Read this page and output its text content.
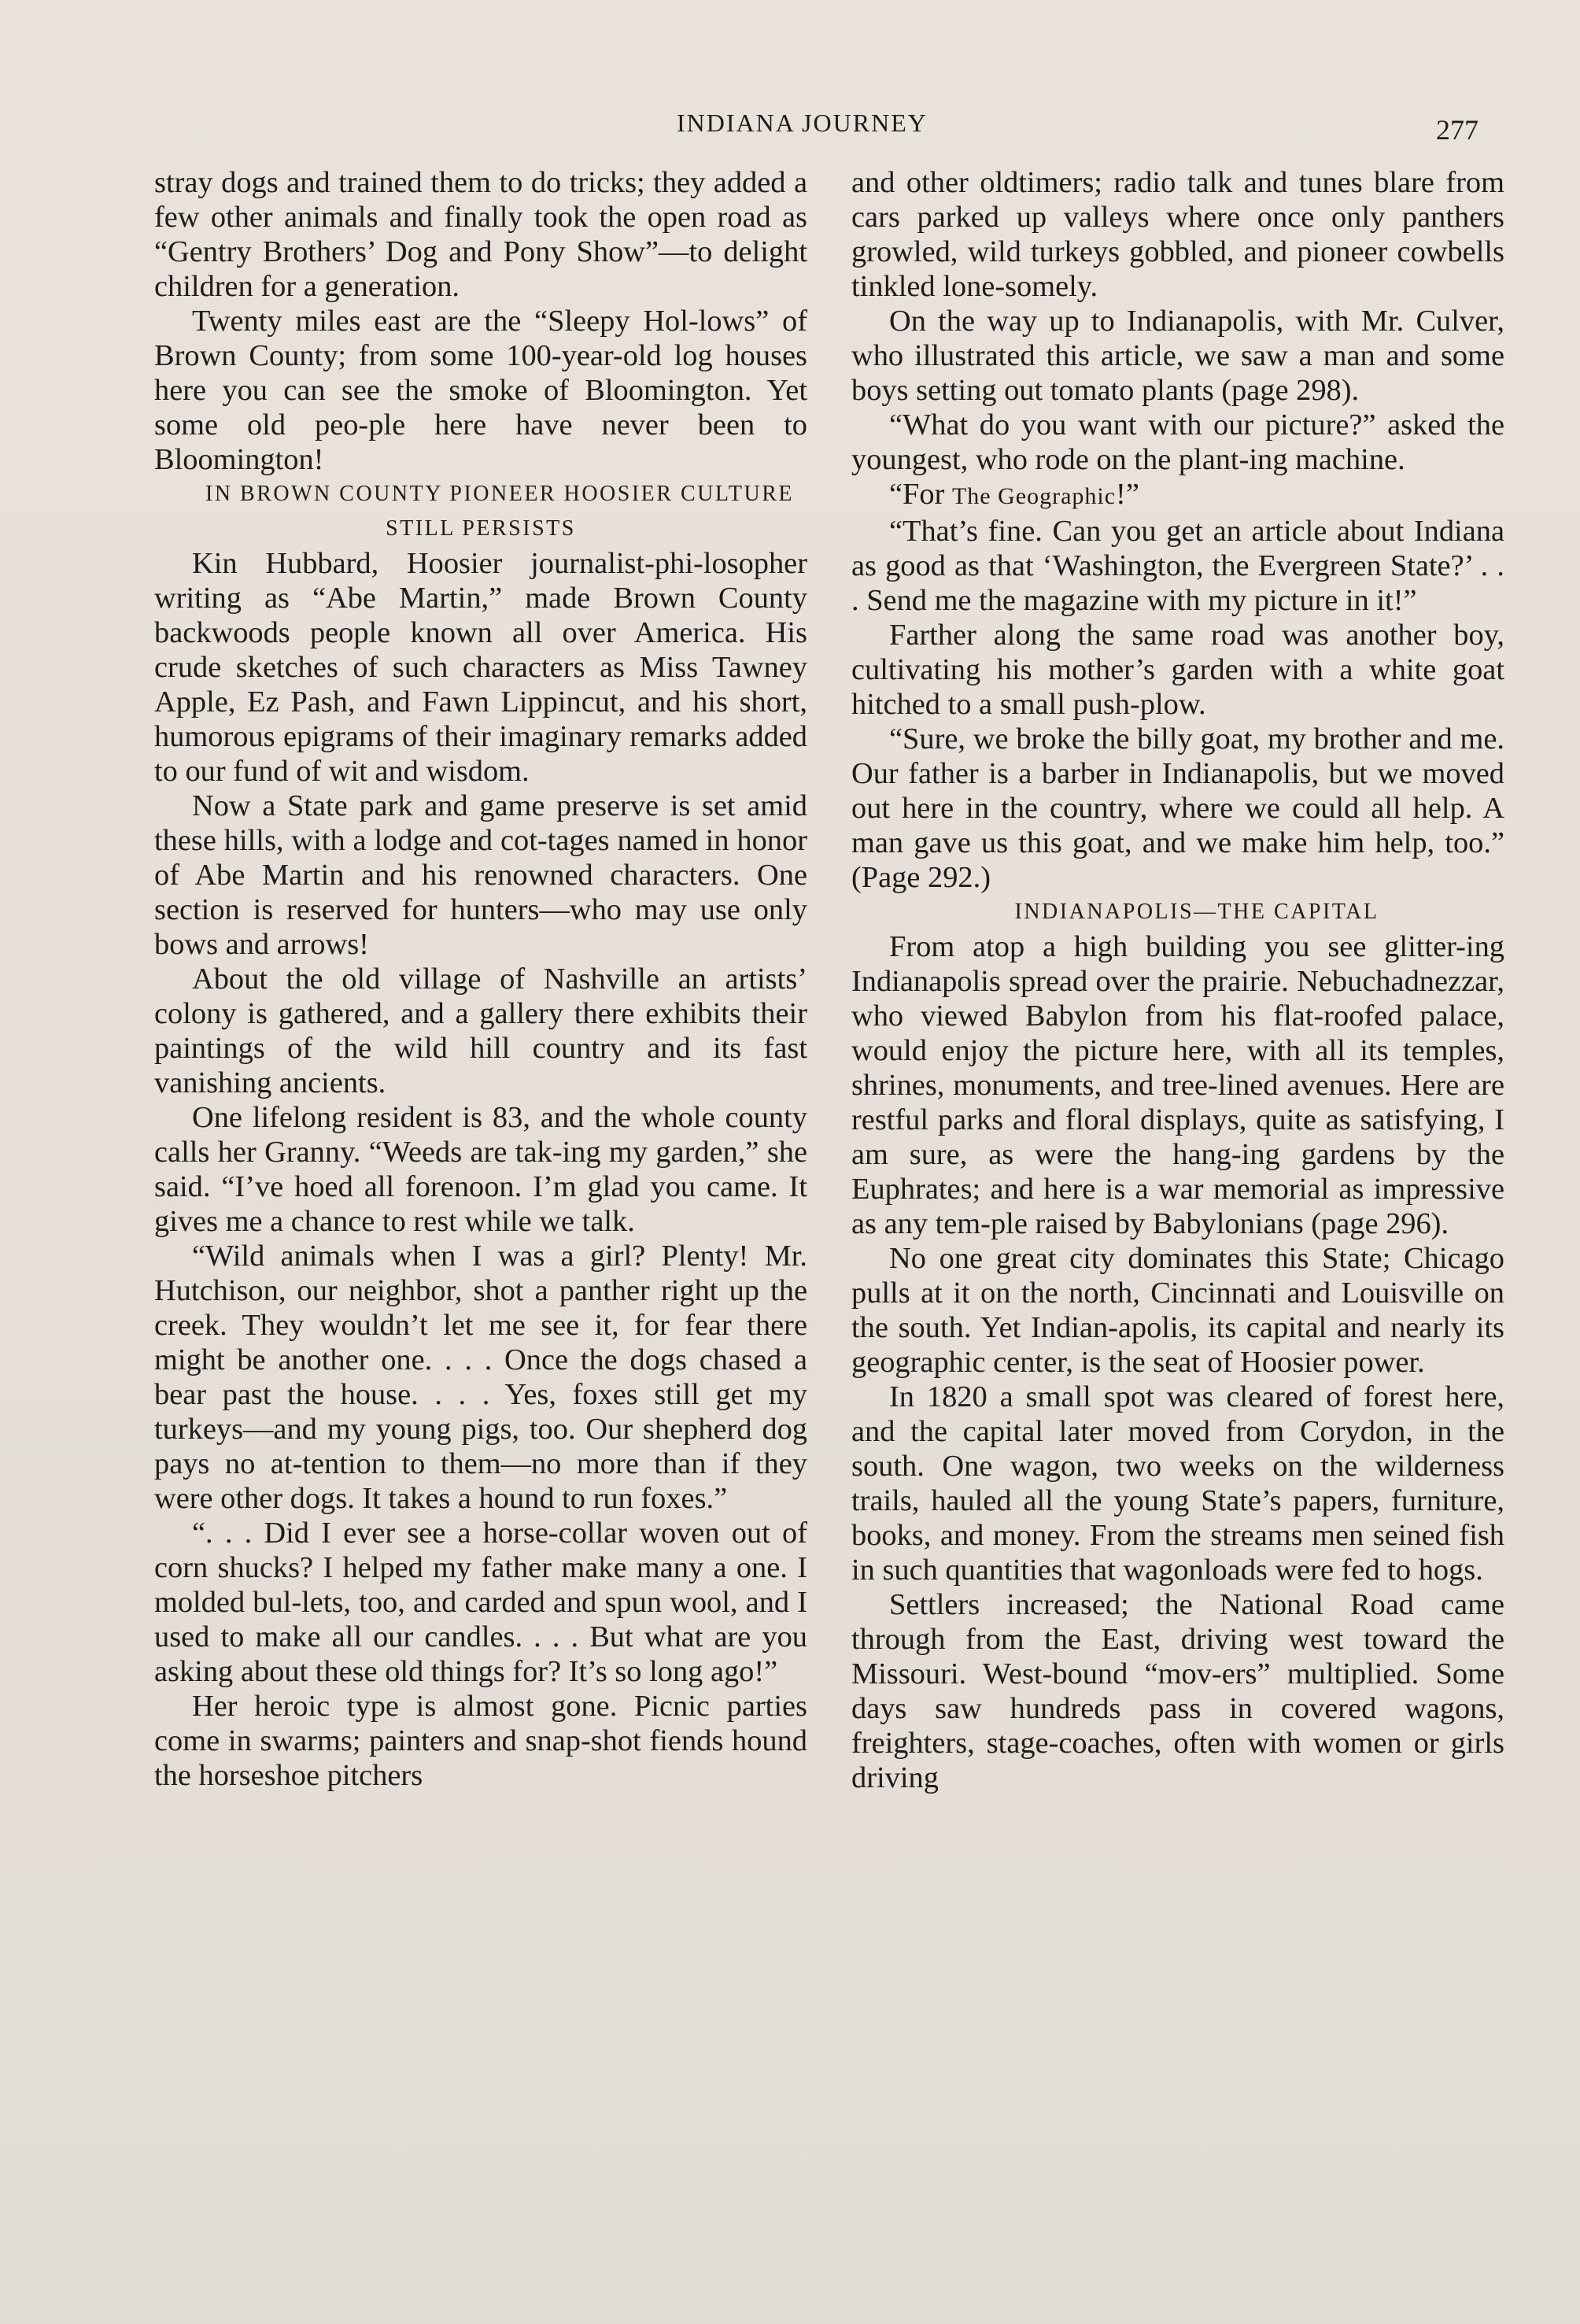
INDIANA JOURNEY	277

stray dogs and trained them to do tricks; they added a few other animals and finally took the open road as “Gentry Brothers’ Dog and Pony Show”—to delight children for a generation.

Twenty miles east are the “Sleepy Hol-lows” of Brown County; from some 100-year-old log houses here you can see the smoke of Bloomington. Yet some old peo-ple here have never been to Bloomington!

IN BROWN COUNTY PIONEER HOOSIER CULTURE STILL PERSISTS

Kin Hubbard, Hoosier journalist-phi-losopher writing as “Abe Martin,” made Brown County backwoods people known all over America. His crude sketches of such characters as Miss Tawney Apple, Ez Pash, and Fawn Lippincut, and his short, humorous epigrams of their imaginary remarks added to our fund of wit and wisdom.

Now a State park and game preserve is set amid these hills, with a lodge and cot-tages named in honor of Abe Martin and his renowned characters. One section is reserved for hunters—who may use only bows and arrows!

About the old village of Nashville an artists’ colony is gathered, and a gallery there exhibits their paintings of the wild hill country and its fast vanishing ancients.

One lifelong resident is 83, and the whole county calls her Granny. “Weeds are tak-ing my garden,” she said. “I’ve hoed all forenoon. I’m glad you came. It gives me a chance to rest while we talk.

“Wild animals when I was a girl? Plenty! Mr. Hutchison, our neighbor, shot a panther right up the creek. They wouldn’t let me see it, for fear there might be another one. . . . Once the dogs chased a bear past the house. . . . Yes, foxes still get my turkeys—and my young pigs, too. Our shepherd dog pays no at-tention to them—no more than if they were other dogs. It takes a hound to run foxes.”

“. . . Did I ever see a horse-collar woven out of corn shucks? I helped my father make many a one. I molded bul-lets, too, and carded and spun wool, and I used to make all our candles. . . . But what are you asking about these old things for? It’s so long ago!”

Her heroic type is almost gone. Picnic parties come in swarms; painters and snap-shot fiends hound the horseshoe pitchers

and other oldtimers; radio talk and tunes blare from cars parked up valleys where once only panthers growled, wild turkeys gobbled, and pioneer cowbells tinkled lone-somely.

On the way up to Indianapolis, with Mr. Culver, who illustrated this article, we saw a man and some boys setting out tomato plants (page 298).

“What do you want with our picture?” asked the youngest, who rode on the plant-ing machine.

“For The Geographic!”

“That’s fine. Can you get an article about Indiana as good as that ‘Washington, the Evergreen State?’ . . . Send me the magazine with my picture in it!”

Farther along the same road was another boy, cultivating his mother’s garden with a white goat hitched to a small push-plow.

“Sure, we broke the billy goat, my brother and me. Our father is a barber in Indianapolis, but we moved out here in the country, where we could all help. A man gave us this goat, and we make him help, too.” (Page 292.)

INDIANAPOLIS—THE CAPITAL

From atop a high building you see glitter-ing Indianapolis spread over the prairie. Nebuchadnezzar, who viewed Babylon from his flat-roofed palace, would enjoy the picture here, with all its temples, shrines, monuments, and tree-lined avenues. Here are restful parks and floral displays, quite as satisfying, I am sure, as were the hang-ing gardens by the Euphrates; and here is a war memorial as impressive as any tem-ple raised by Babylonians (page 296).

No one great city dominates this State; Chicago pulls at it on the north, Cincinnati and Louisville on the south. Yet Indian-apolis, its capital and nearly its geographic center, is the seat of Hoosier power.

In 1820 a small spot was cleared of forest here, and the capital later moved from Corydon, in the south. One wagon, two weeks on the wilderness trails, hauled all the young State’s papers, furniture, books, and money. From the streams men seined fish in such quantities that wagonloads were fed to hogs.

Settlers increased; the National Road came through from the East, driving west toward the Missouri. West-bound “mov-ers” multiplied. Some days saw hundreds pass in covered wagons, freighters, stage-coaches, often with women or girls driving
